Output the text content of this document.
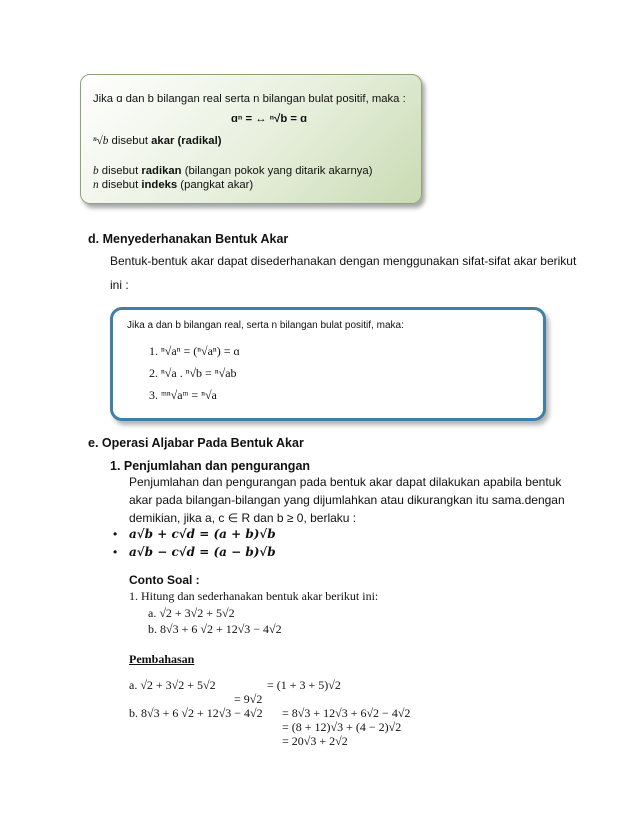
Jika ɑ dan b bilangan real serta n bilangan bulat positif, maka :
ɑⁿ = ↔ ⁿ√b = ɑ
ⁿ√b disebut akar (radikal)
b disebut radikan (bilangan pokok yang ditarik akarnya)
n disebut indeks (pangkat akar)
d. Menyederhanakan Bentuk Akar
Bentuk-bentuk akar dapat disederhanakan dengan menggunakan sifat-sifat akar berikut
ini :
Jika a dan b bilangan real, serta n bilangan bulat positif, maka:
1. ⁿ√aⁿ = (ⁿ√aⁿ) = ɑ
2. ⁿ√a . ⁿ√b = ⁿ√ab
3. ᵐⁿ√aᵐ = ⁿ√a
e. Operasi Aljabar Pada Bentuk Akar
1. Penjumlahan dan pengurangan
Penjumlahan dan pengurangan pada bentuk akar dapat dilakukan apabila bentuk
akar pada bilangan-bilangan yang dijumlahkan atau dikurangkan itu sama.dengan
demikian, jika a, c ∈ R dan b ≥ 0, berlaku :
• a√b + c√d = (a + b)√b
• a√b − c√d = (a − b)√b
Conto Soal :
1. Hitung dan sederhanakan bentuk akar berikut ini:
a. √2 + 3√2 + 5√2
b. 8√3 + 6 √2 + 12√3 − 4√2
Pembahasan
a. √2 + 3√2 + 5√2	= (1 + 3 + 5)√2
= 9√2
b. 8√3 + 6 √2 + 12√3 − 4√2 = 8√3 + 12√3 + 6√2 − 4√2
= (8 + 12)√3 + (4 − 2)√2
= 20√3 + 2√2
